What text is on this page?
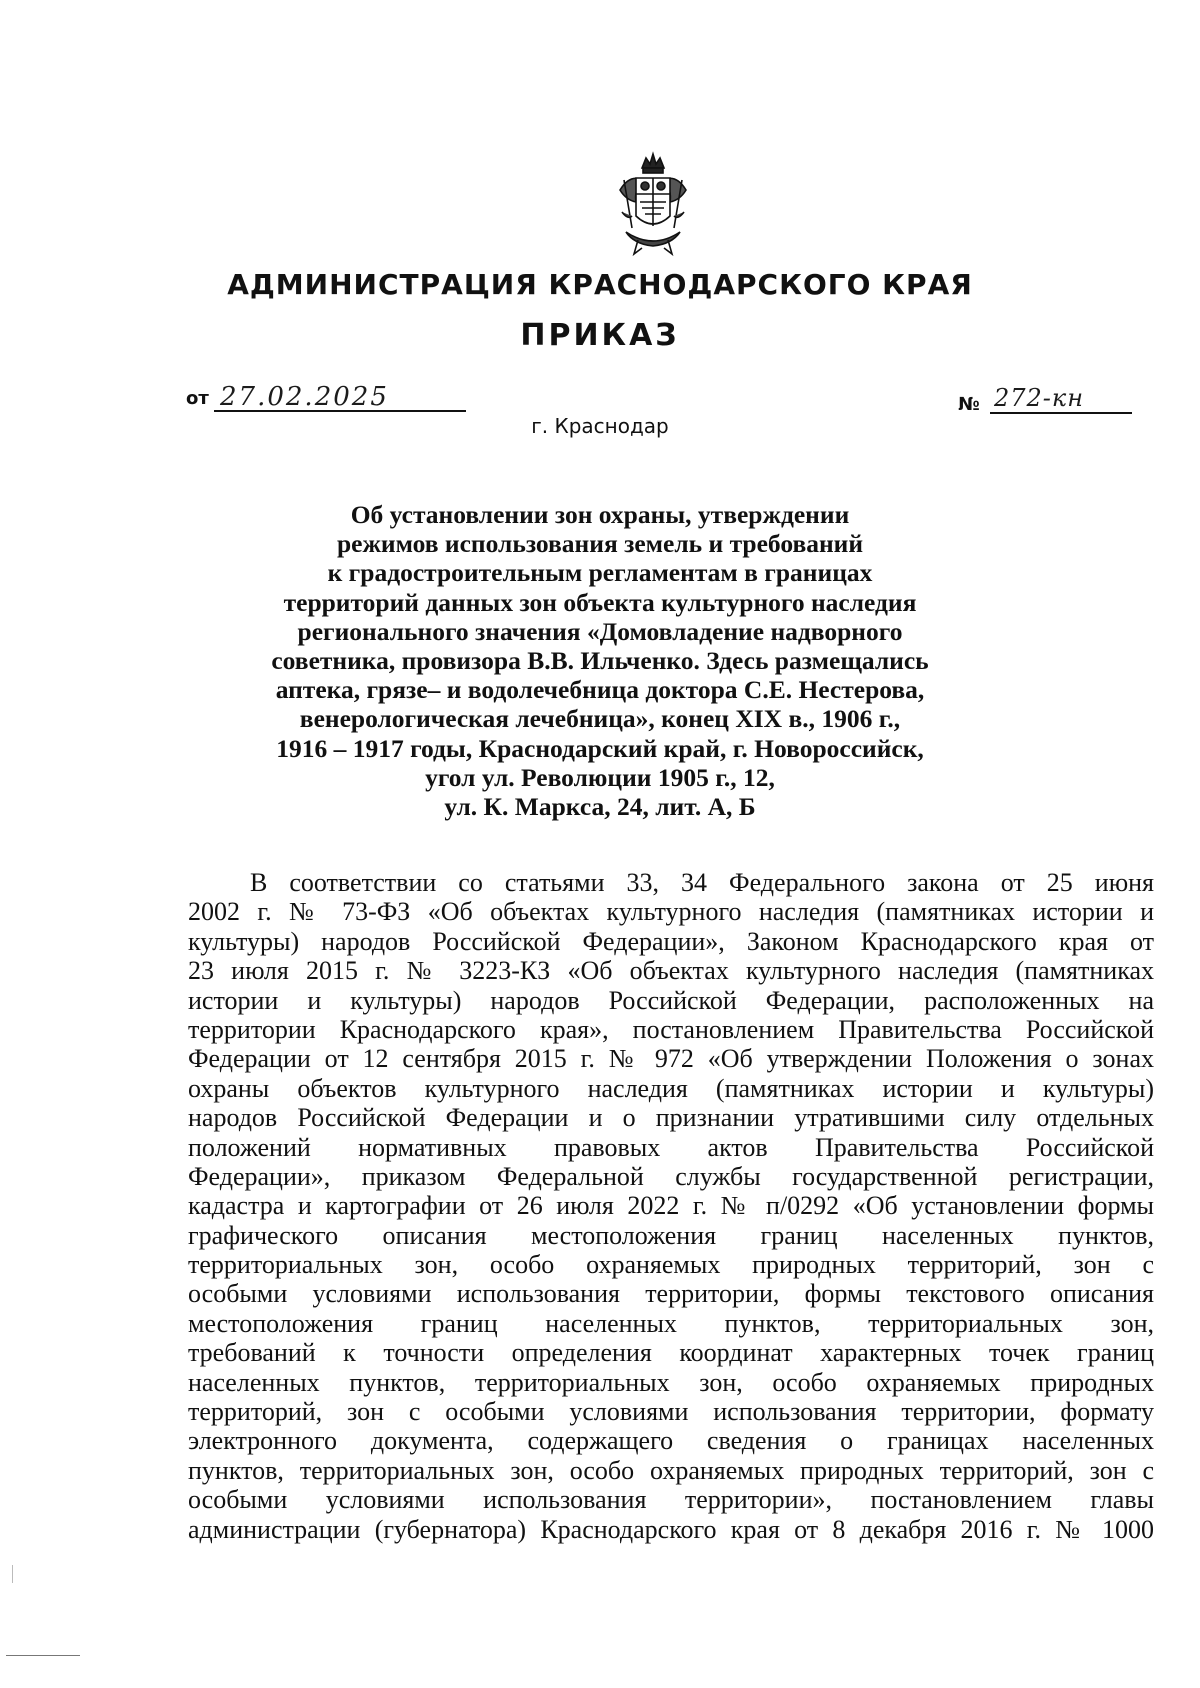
АДМИНИСТРАЦИЯ КРАСНОДАРСКОГО КРАЯ
ПРИКАЗ
от 27.02.2025
г. Краснодар
№ 272-кн
Об установлении зон охраны, утверждении
режимов использования земель и требований
к градостроительным регламентам в границах
территорий данных зон объекта культурного наследия
регионального значения «Домовладение надворного
советника, провизора В.В. Ильченко. Здесь размещались
аптека, грязе– и водолечебница доктора С.Е. Нестерова,
венерологическая лечебница», конец XIX в., 1906 г.,
1916 – 1917 годы, Краснодарский край, г. Новороссийск,
угол ул. Революции 1905 г., 12,
ул. К. Маркса, 24, лит. А, Б
В соответствии со статьями 33, 34 Федерального закона от 25 июня
2002 г. № 73-ФЗ «Об объектах культурного наследия (памятниках истории и
культуры) народов Российской Федерации», Законом Краснодарского края от
23 июля 2015 г. № 3223-КЗ «Об объектах культурного наследия (памятниках
истории и культуры) народов Российской Федерации, расположенных на
территории Краснодарского края», постановлением Правительства Российской
Федерации от 12 сентября 2015 г. № 972 «Об утверждении Положения о зонах
охраны объектов культурного наследия (памятниках истории и культуры)
народов Российской Федерации и о признании утратившими силу отдельных
положений нормативных правовых актов Правительства Российской
Федерации», приказом Федеральной службы государственной регистрации,
кадастра и картографии от 26 июля 2022 г. № п/0292 «Об установлении формы
графического описания местоположения границ населенных пунктов,
территориальных зон, особо охраняемых природных территорий, зон с
особыми условиями использования территории, формы текстового описания
местоположения границ населенных пунктов, территориальных зон,
требований к точности определения координат характерных точек границ
населенных пунктов, территориальных зон, особо охраняемых природных
территорий, зон с особыми условиями использования территории, формату
электронного документа, содержащего сведения о границах населенных
пунктов, территориальных зон, особо охраняемых природных территорий, зон с
особыми условиями использования территории», постановлением главы
администрации (губернатора) Краснодарского края от 8 декабря 2016 г. № 1000
